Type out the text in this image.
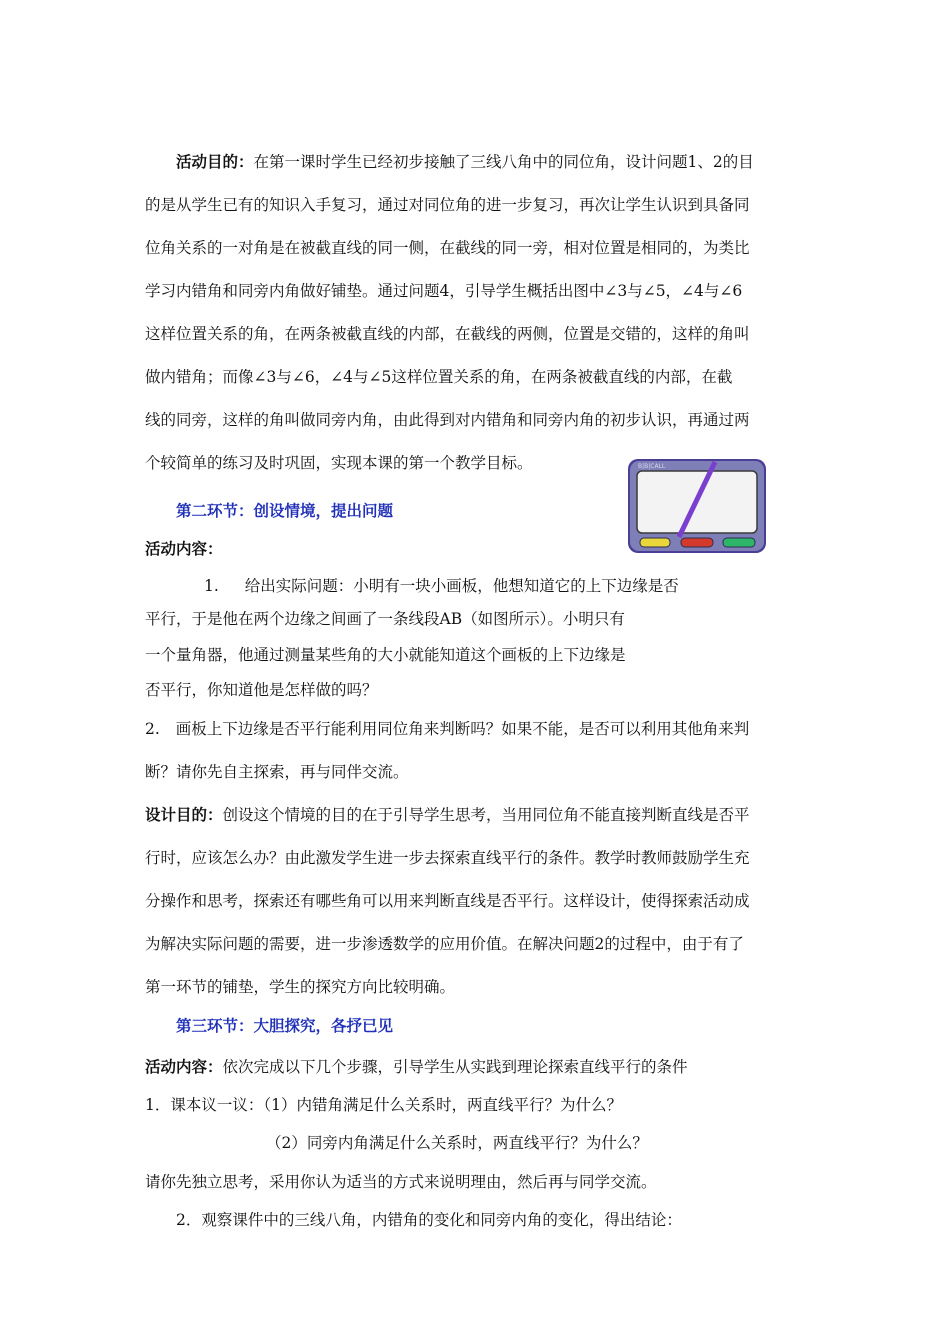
活动目的：在第一课时学生已经初步接触了三线八角中的同位角，设计问题1、2的目
的是从学生已有的知识入手复习，通过对同位角的进一步复习，再次让学生认识到具备同
位角关系的一对角是在被截直线的同一侧，在截线的同一旁，相对位置是相同的，为类比
学习内错角和同旁内角做好铺垫。通过问题4，引导学生概括出图中∠3与∠5，∠4与∠6
这样位置关系的角，在两条被截直线的内部，在截线的两侧，位置是交错的，这样的角叫
做内错角；而像∠3与∠6，∠4与∠5这样位置关系的角，在两条被截直线的内部，在截
线的同旁，这样的角叫做同旁内角，由此得到对内错角和同旁内角的初步认识，再通过两
个较简单的练习及时巩固，实现本课的第一个教学目标。	B|B|CALL
第二环节：创设情境，提出问题
活动内容：
1. 给出实际问题：小明有一块小画板，他想知道它的上下边缘是否
平行，于是他在两个边缘之间画了一条线段AB（如图所示）。小明只有
一个量角器，他通过测量某些角的大小就能知道这个画板的上下边缘是
否平行，你知道他是怎样做的吗？
2. 画板上下边缘是否平行能利用同位角来判断吗？如果不能，是否可以利用其他角来判
断？请你先自主探索，再与同伴交流。
设计目的：创设这个情境的目的在于引导学生思考，当用同位角不能直接判断直线是否平
行时，应该怎么办？由此激发学生进一步去探索直线平行的条件。教学时教师鼓励学生充
分操作和思考，探索还有哪些角可以用来判断直线是否平行。这样设计，使得探索活动成
为解决实际问题的需要，进一步渗透数学的应用价值。在解决问题2的过程中，由于有了
第一环节的铺垫，学生的探究方向比较明确。
第三环节：大胆探究，各抒已见
活动内容：依次完成以下几个步骤，引导学生从实践到理论探索直线平行的条件
1．课本议一议：（1）内错角满足什么关系时，两直线平行？为什么？
（2）同旁内角满足什么关系时，两直线平行？为什么？
请你先独立思考，采用你认为适当的方式来说明理由，然后再与同学交流。
2．观察课件中的三线八角，内错角的变化和同旁内角的变化，得出结论：
